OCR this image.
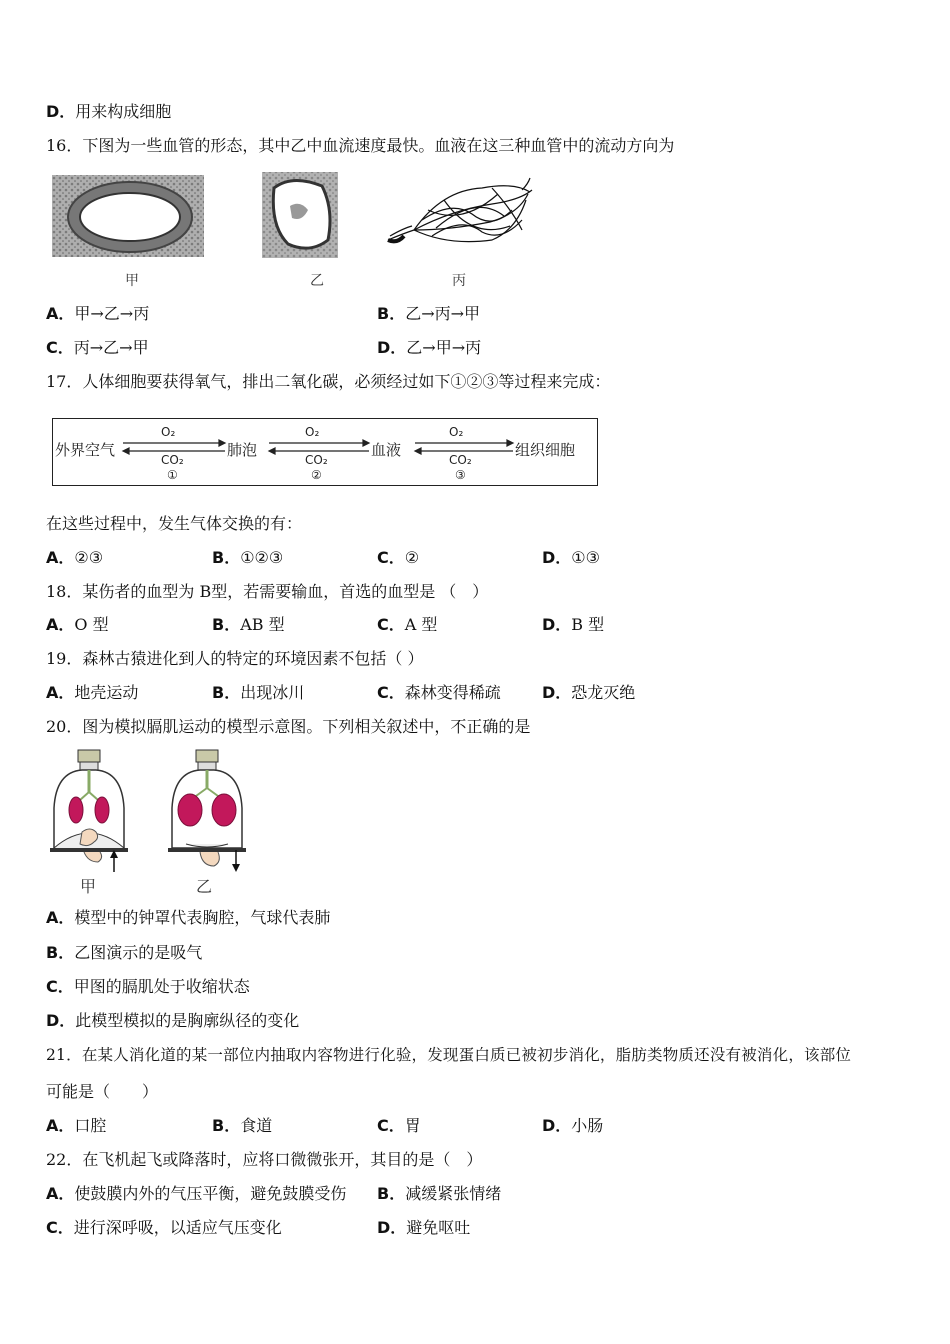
D．用来构成细胞
16．下图为一些血管的形态，其中乙中血流速度最快。血液在这三种血管中的流动方向为
甲	乙	丙
A．甲→乙→丙	B．乙→丙→甲
C．丙→乙→甲	D．乙→甲→丙
17．人体细胞要获得氧气，排出二氧化碳，必须经过如下①②③等过程来完成：
外界空气	肺泡	血液	组织细胞
O₂
CO₂
①
O₂
CO₂
②
O₂
CO₂
③
在这些过程中，发生气体交换的有：
A．②③	B．①②③	C．②	D．①③
18．某伤者的血型为 B型，若需要输血，首选的血型是 （　）
A．O 型	B．AB 型	C．A 型	D．B 型
19．森林古猿进化到人的特定的环境因素不包括（ ）
A．地壳运动	B．出现冰川	C．森林变得稀疏	D．恐龙灭绝
20．图为模拟膈肌运动的模型示意图。下列相关叙述中，不正确的是
甲	乙
A．模型中的钟罩代表胸腔，气球代表肺
B．乙图演示的是吸气
C．甲图的膈肌处于收缩状态
D．此模型模拟的是胸廓纵径的变化
21．在某人消化道的某一部位内抽取内容物进行化验，发现蛋白质已被初步消化，脂肪类物质还没有被消化，该部位
可能是（　　）
A．口腔	B．食道	C．胃	D．小肠
22．在飞机起飞或降落时，应将口微微张开，其目的是（　）
A．使鼓膜内外的气压平衡，避免鼓膜受伤 B．减缓紧张情绪
C．进行深呼吸，以适应气压变化	D．避免呕吐
